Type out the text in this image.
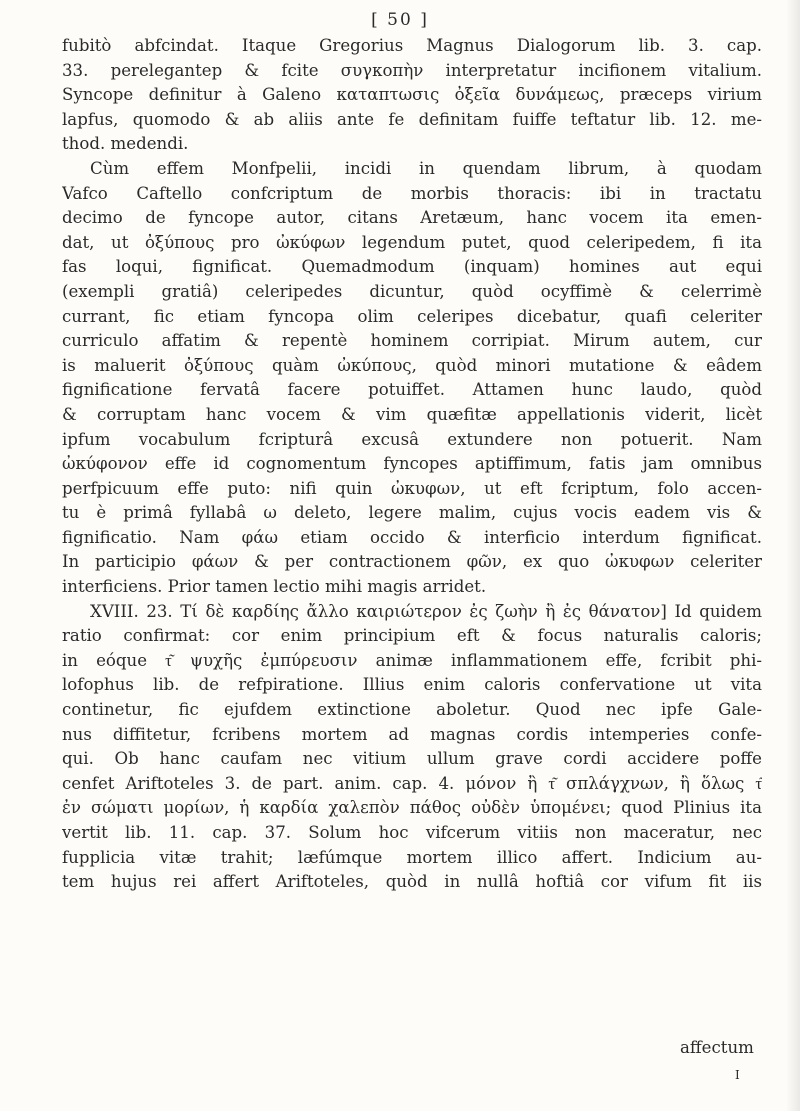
[ 50 ]
fubitò abfcindat. Itaque Gregorius Magnus Dialogorum lib. 3. cap.
33. perelegantер & fcite συγκοπὴν interpretatur incifionem vitalium.
Syncope definitur à Galeno καταπτωσις ὀξεῖα δυνάμεως, præceps virium
lapfus, quomodo & ab aliis ante fe definitam fuiffe teftatur lib. 12. me-
thod. medendi.
Cùm effem Monfpelii, incidi in quendam librum, à quodam
Vafco Caftello confcriptum de morbis thoracis: ibi in tractatu
decimo de fyncope autor, citans Aretæum, hanc vocem ita emen-
dat, ut ὀξύπους pro ὠκύφων legendum putet, quod celeripedem, fi ita
fas loqui, fignificat. Quemadmodum (inquam) homines aut equi
(exempli gratiâ) celeripedes dicuntur, quòd ocyffimè & celerrimè
currant, fic etiam fyncopa olim celeripes dicebatur, quafi celeriter
curriculo affatim & repentè hominem corripiat. Mirum autem, cur
is maluerit ὀξύπους quàm ὠκύπους, quòd minori mutatione & eâdem
fignificatione fervatâ facere potuiffet. Attamen hunc laudo, quòd
& corruptam hanc vocem & vim quæfitæ appellationis viderit, licèt
ipfum vocabulum fcripturâ excusâ extundere non potuerit. Nam
ὠκύφονον effe id cognomentum fyncopes aptiffimum, fatis jam omnibus
perfpicuum effe puto: nifi quin ὠκυφων, ut eft fcriptum, folo accen-
tu è primâ fyllabâ ω deleto, legere malim, cujus vocis eadem vis &
fignificatio. Nam φάω etiam occido & interficio interdum fignificat.
In participio φάων & per contractionem φῶν, ex quo ὠκυφων celeriter
interficiens. Prior tamen lectio mihi magis arridet.
XVIII. 23. Τί δὲ καρδίης ἄλλο καιριώτερον ἐς ζωὴν ἢ ἐς θάνατον] Id quidem
ratio confirmat: cor enim principium eft & focus naturalis caloris;
in eóque τ͂ ψυχῆς ἐμπύρευσιν animæ inflammationem effe, fcribit phi-
lofophus lib. de refpiratione. Illius enim caloris confervatione ut vita
continetur, fic ejufdem extinctione aboletur. Quod nec ipfe Gale-
nus diffitetur, fcribens mortem ad magnas cordis intemperies confe-
qui. Ob hanc caufam nec vitium ullum grave cordi accidere poffe
cenfet Ariftoteles 3. de part. anim. cap. 4. μόνον ἢ τ͂ σπλάγχνων, ἢ ὅλως τ͂
ἐν σώματι μορίων, ἡ καρδία χαλεπὸν πάθος οὐδὲν ὑπομένει; quod Plinius ita
vertit lib. 11. cap. 37. Solum hoc vifcerum vitiis non maceratur, nec
fupplicia vitæ trahit; læfúmque mortem illico affert. Indicium au-
tem hujus rei affert Ariftoteles, quòd in nullâ hoftiâ cor vifum fit iis
affectum
I
